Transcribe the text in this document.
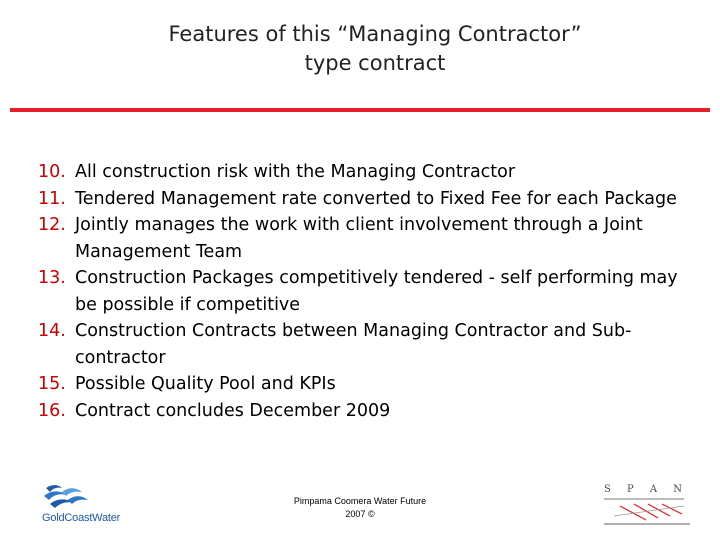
Features of this “Managing Contractor”
type contract
10. All construction risk with the Managing Contractor
11. Tendered Management rate converted to Fixed Fee for each Package
12. Jointly manages the work with client involvement through a Joint Management Team
13. Construction Packages competitively tendered - self performing may be possible if competitive
14. Construction Contracts between Managing Contractor and Sub-contractor
15. Possible Quality Pool and KPIs
16. Contract concludes December 2009
GoldCoastWater
Pimpama Coomera Water Future
2007 ©
S P A N
